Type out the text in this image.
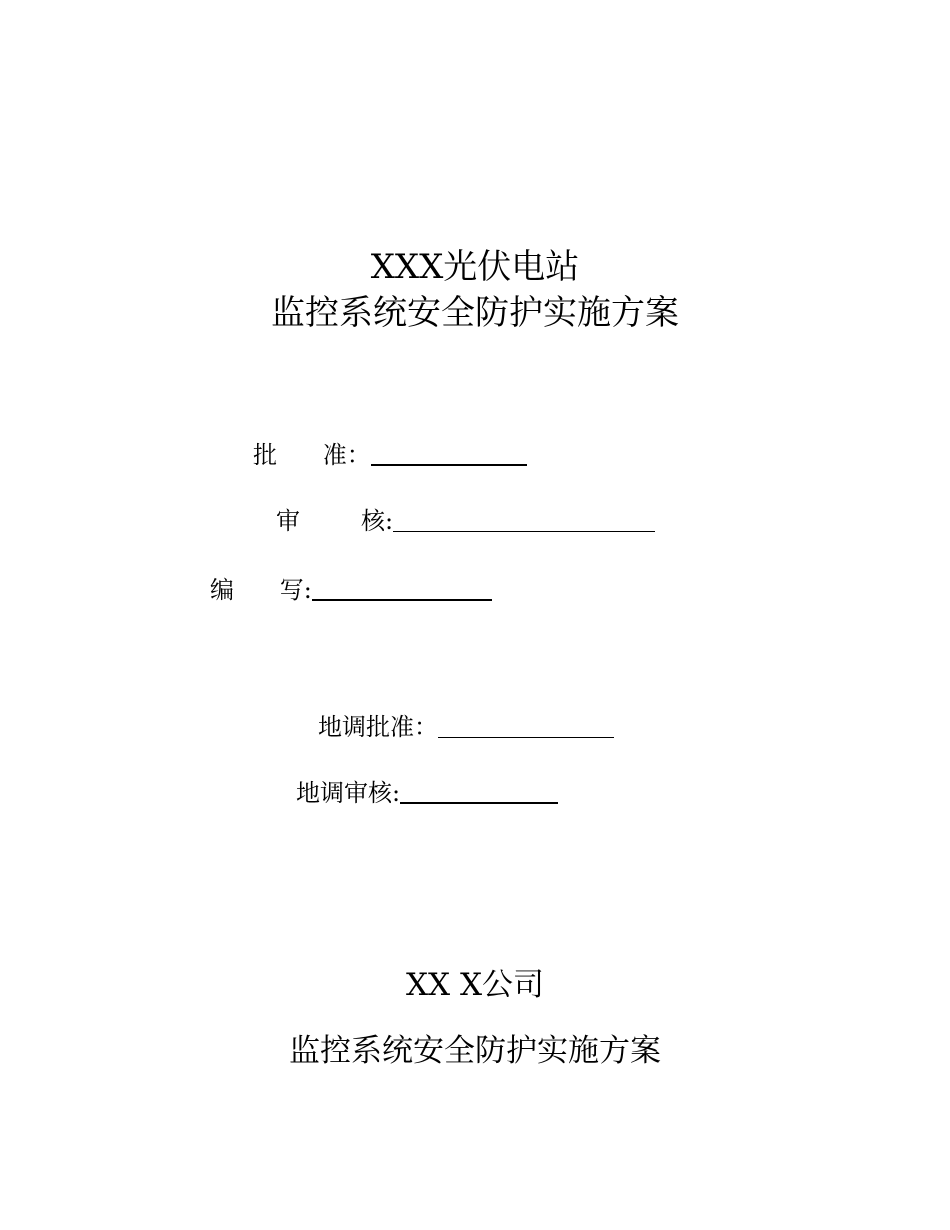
XXX光伏电站
监控系统安全防护实施方案
批      准：
审        核:
编      写:
地调批准：
地调审核:
XX X公司
监控系统安全防护实施方案
